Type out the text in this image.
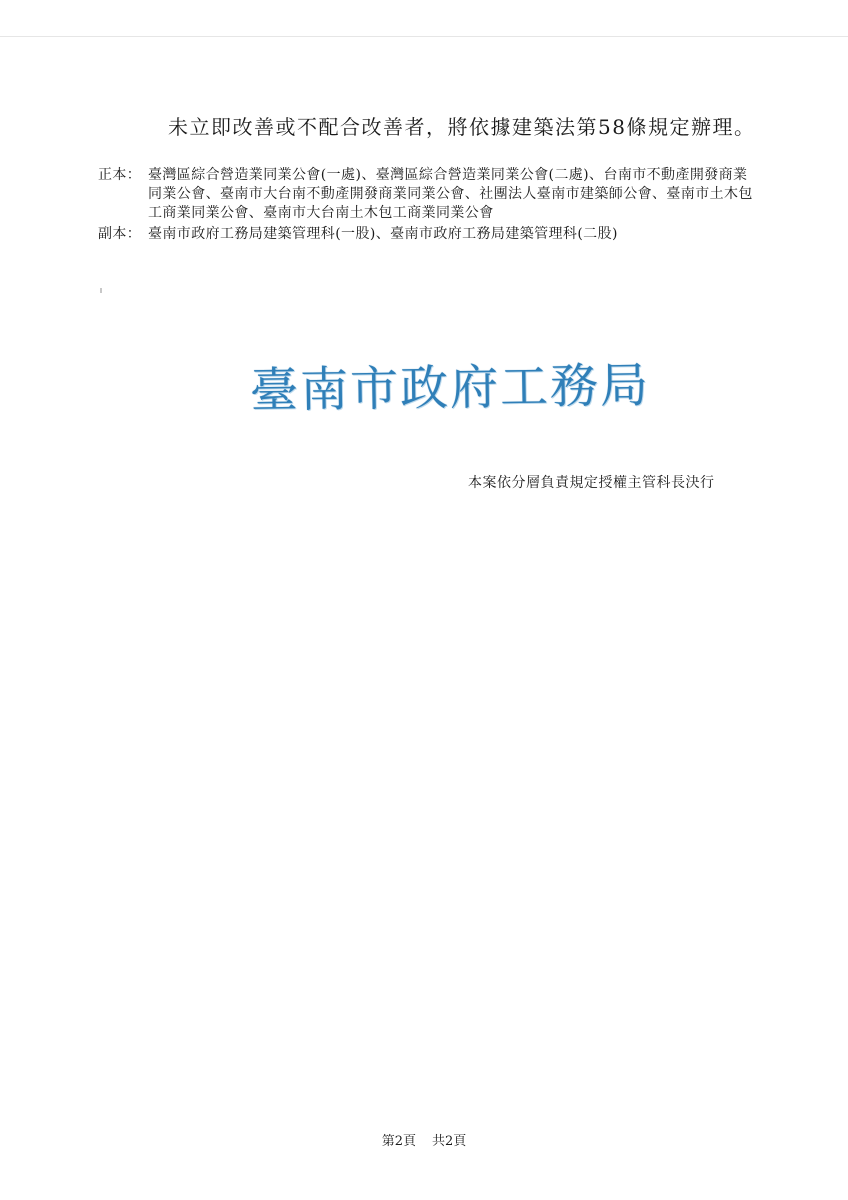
未立即改善或不配合改善者，將依據建築法第58條規定辦理。
正本： 臺灣區綜合營造業同業公會(一處)、臺灣區綜合營造業同業公會(二處)、台南市不動產開發商業同業公會、臺南市大台南不動產開發商業同業公會、社團法人臺南市建築師公會、臺南市土木包工商業同業公會、臺南市大台南土木包工商業同業公會
副本： 臺南市政府工務局建築管理科(一股)、臺南市政府工務局建築管理科(二股)
臺南市政府工務局
本案依分層負責規定授權主管科長決行
第2頁 共2頁
